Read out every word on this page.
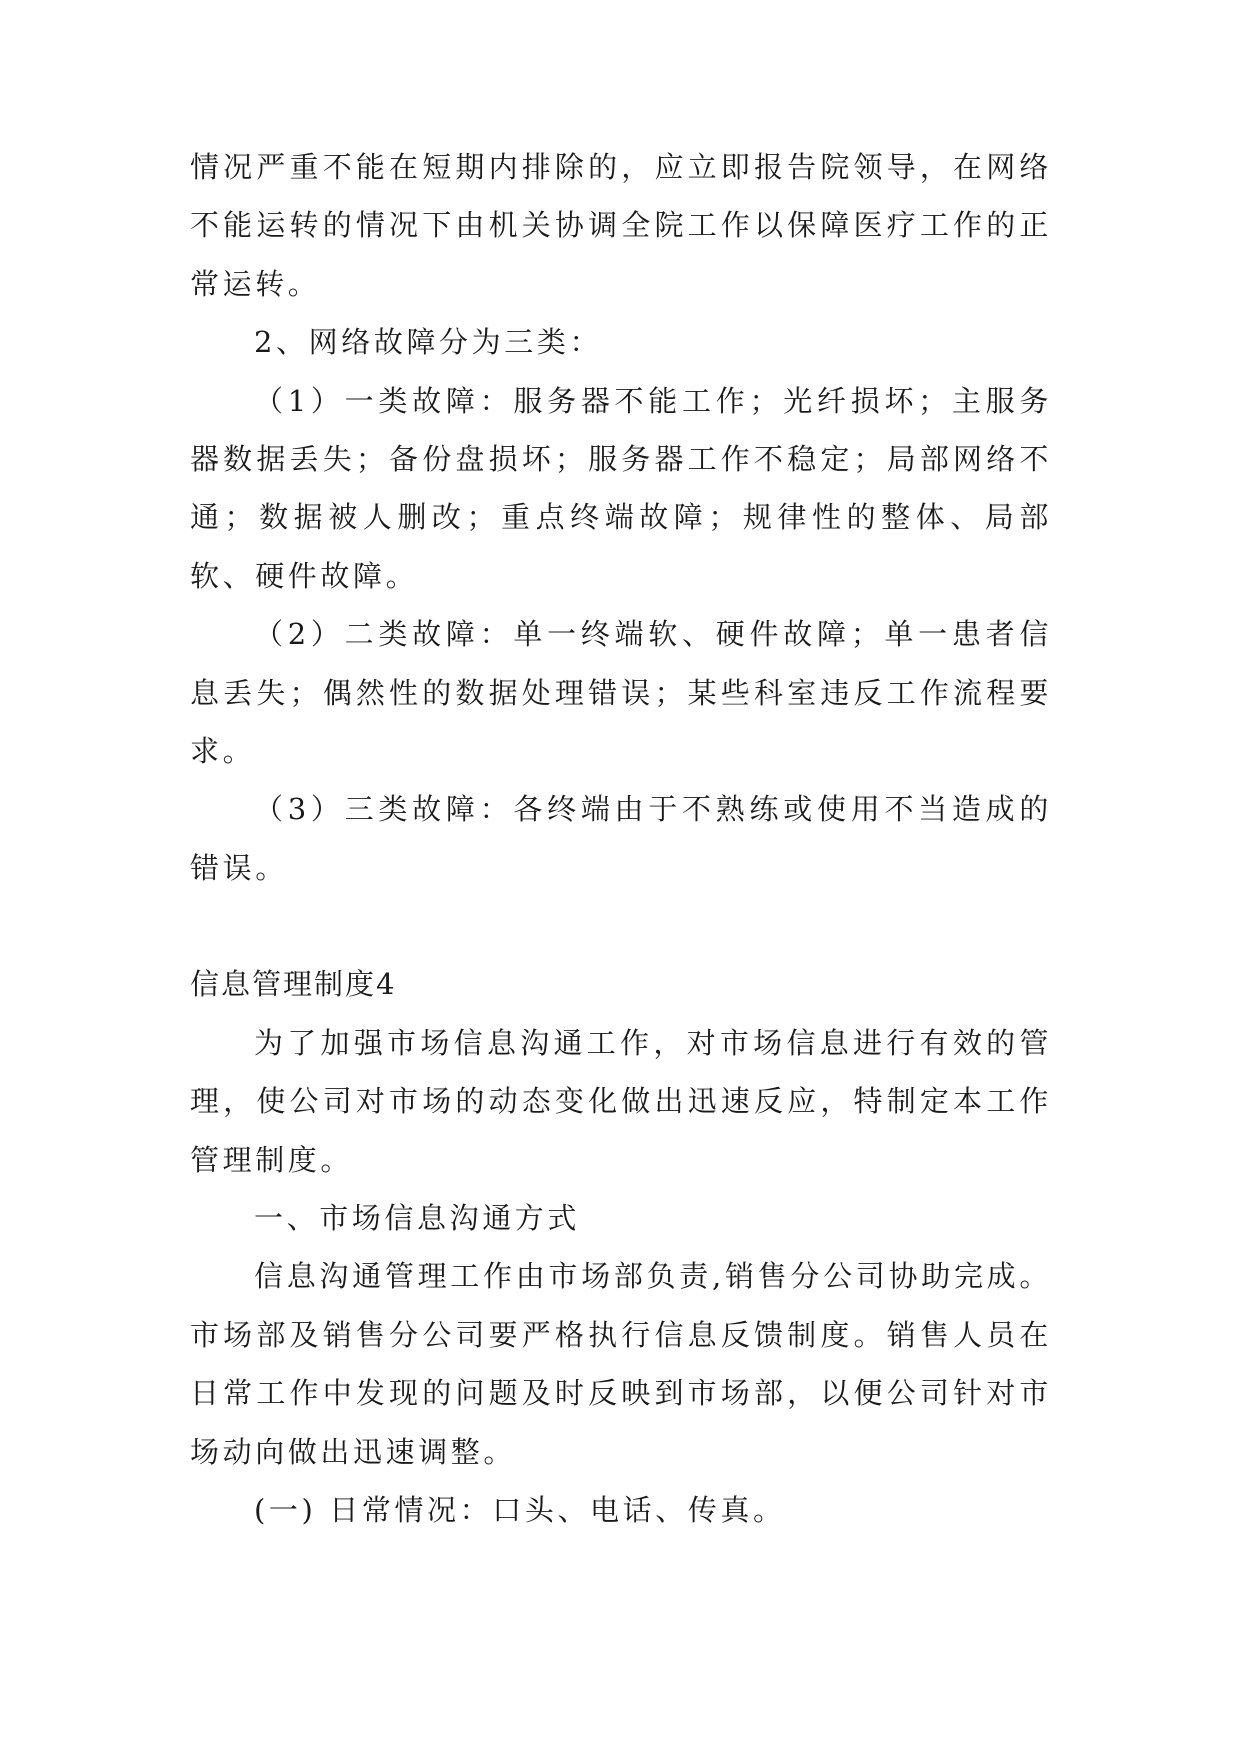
情况严重不能在短期内排除的，应立即报告院领导，在网络不能运转的情况下由机关协调全院工作以保障医疗工作的正常运转。

2、网络故障分为三类：

（1）一类故障：服务器不能工作；光纤损坏；主服务器数据丢失；备份盘损坏；服务器工作不稳定；局部网络不通；数据被人删改；重点终端故障；规律性的整体、局部软、硬件故障。

（2）二类故障：单一终端软、硬件故障；单一患者信息丢失；偶然性的数据处理错误；某些科室违反工作流程要求。

（3）三类故障：各终端由于不熟练或使用不当造成的错误。

信息管理制度4

为了加强市场信息沟通工作，对市场信息进行有效的管理，使公司对市场的动态变化做出迅速反应，特制定本工作管理制度。

一、市场信息沟通方式

信息沟通管理工作由市场部负责,销售分公司协助完成。市场部及销售分公司要严格执行信息反馈制度。销售人员在日常工作中发现的问题及时反映到市场部，以便公司针对市场动向做出迅速调整。

(一) 日常情况：口头、电话、传真。
